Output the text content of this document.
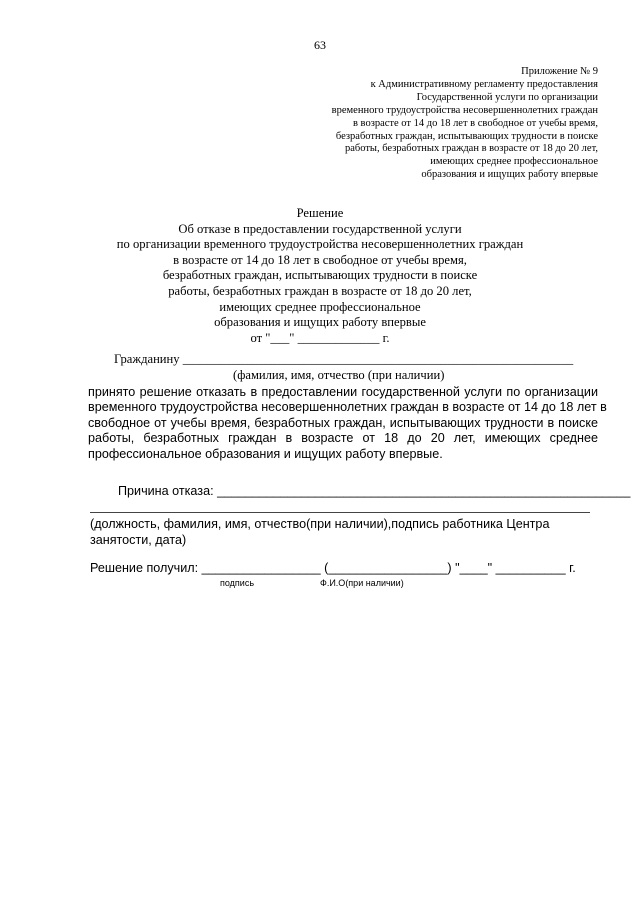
63
Приложение № 9
к Административному регламенту предоставления
Государственной услуги по организации
временного трудоустройства несовершеннолетних граждан
в возрасте от 14 до 18 лет в свободное от учебы время,
безработных граждан, испытывающих трудности в поиске
работы, безработных граждан в возрасте от 18 до 20 лет,
имеющих среднее профессиональное
образования и ищущих работу впервые
Решение
Об отказе в предоставлении государственной услуги
по организации временного трудоустройства несовершеннолетних граждан
в возрасте от 14 до 18 лет в свободное от учебы время,
безработных граждан, испытывающих трудности в поиске
работы, безработных граждан в возрасте от 18 до 20 лет,
имеющих среднее профессиональное
образования и ищущих работу впервые
от "___" _____________ г.
Гражданину ______________________________________________________________
(фамилия, имя, отчество (при наличии)
принято решение отказать в предоставлении государственной услуги по организации
временного трудоустройства несовершеннолетних граждан в возрасте от 14 до 18 лет в
свободное от учебы время, безработных граждан, испытывающих трудности в поиске
работы, безработных граждан в возрасте от 18 до 20 лет, имеющих среднее
профессиональное образования и ищущих работу впервые.
Причина отказа: ___________________________________________________________
(должность, фамилия, имя, отчество(при наличии),подпись работника Центра занятости, дата)
Решение получил: _________________ (_________________) "____" __________ г.
подпись	Ф.И.О(при наличии)
